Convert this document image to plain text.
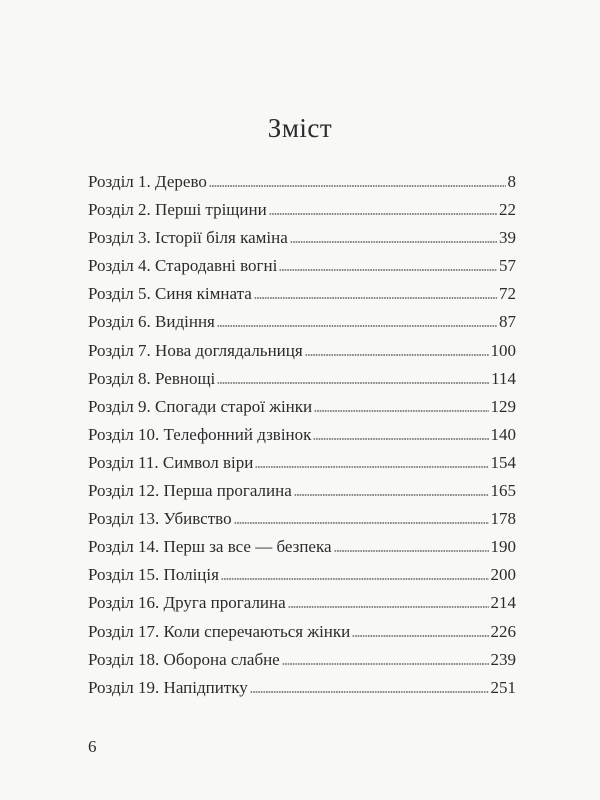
Зміст
Розділ 1. Дерево	8
Розділ 2. Перші тріщини	22
Розділ 3. Історії біля каміна	39
Розділ 4. Стародавні вогні	57
Розділ 5. Синя кімната	72
Розділ 6. Видіння	87
Розділ 7. Нова доглядальниця	100
Розділ 8. Ревнощі	114
Розділ 9. Спогади старої жінки	129
Розділ 10. Телефонний дзвінок	140
Розділ 11. Символ віри	154
Розділ 12. Перша прогалина	165
Розділ 13. Убивство	178
Розділ 14. Перш за все — безпека	190
Розділ 15. Поліція	200
Розділ 16. Друга прогалина	214
Розділ 17. Коли сперечаються жінки	226
Розділ 18. Оборона слабне	239
Розділ 19. Напідпитку	251
6
